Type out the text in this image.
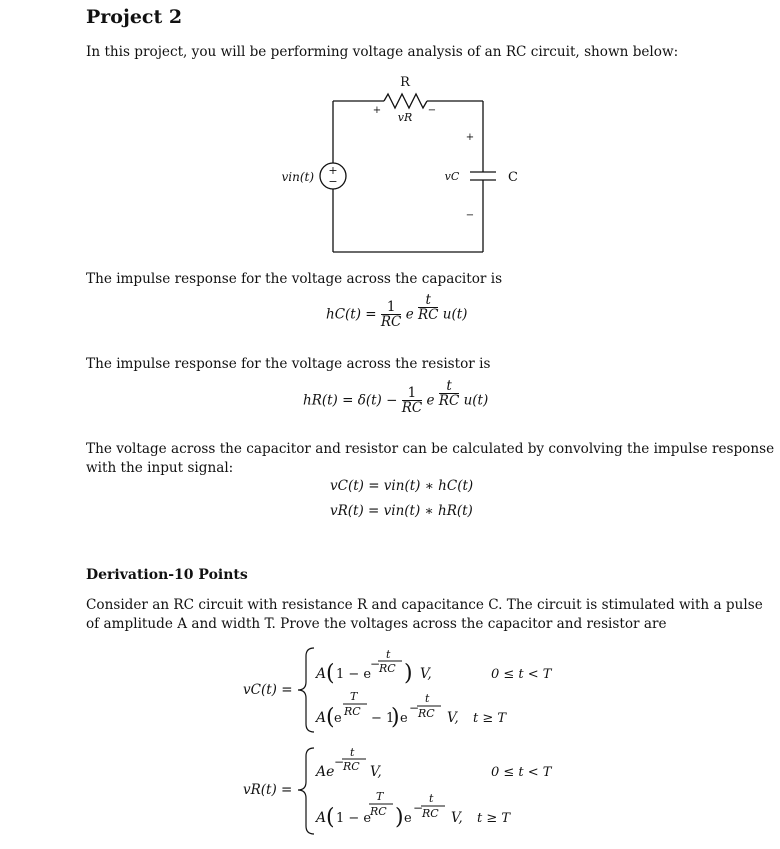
Project 2
In this project, you will be performing voltage analysis of an RC circuit, shown below:
+
−
R
+	−
vR
+
−
vC	C
vin(t)
The impulse response for the voltage across the capacitor is
$hC(t) = \frac{1}{RC}$ e $\frac{t}{RC} u(t)$
The impulse response for the voltage across the resistor is
$hR(t) = \delta(t) - \frac{1}{RC}$ e $\frac{t}{RC} u(t)$
The voltage across the capacitor and resistor can be calculated by convolving the impulse response
with the input signal:
vC(t) = vin(t) ∗ hC(t)
vR(t) = vin(t) ∗ hR(t)
Derivation-10 Points
Consider an RC circuit with resistance R and capacitance C. The circuit is stimulated with a pulse
of amplitude A and width T. Prove the voltages across the capacitor and resistor are
vC(t) =
A ( 1 − e
−
t
RC ) V,	0 ≤ t < T
A ( e
T
RC − 1
) e
−
t
RC V, t ≥ T
vR(t) =
Ae
−
t
RC V,	0 ≤ t < T
A ( 1 − e
T
RC ) e
−
t
RC V, t ≥ T
